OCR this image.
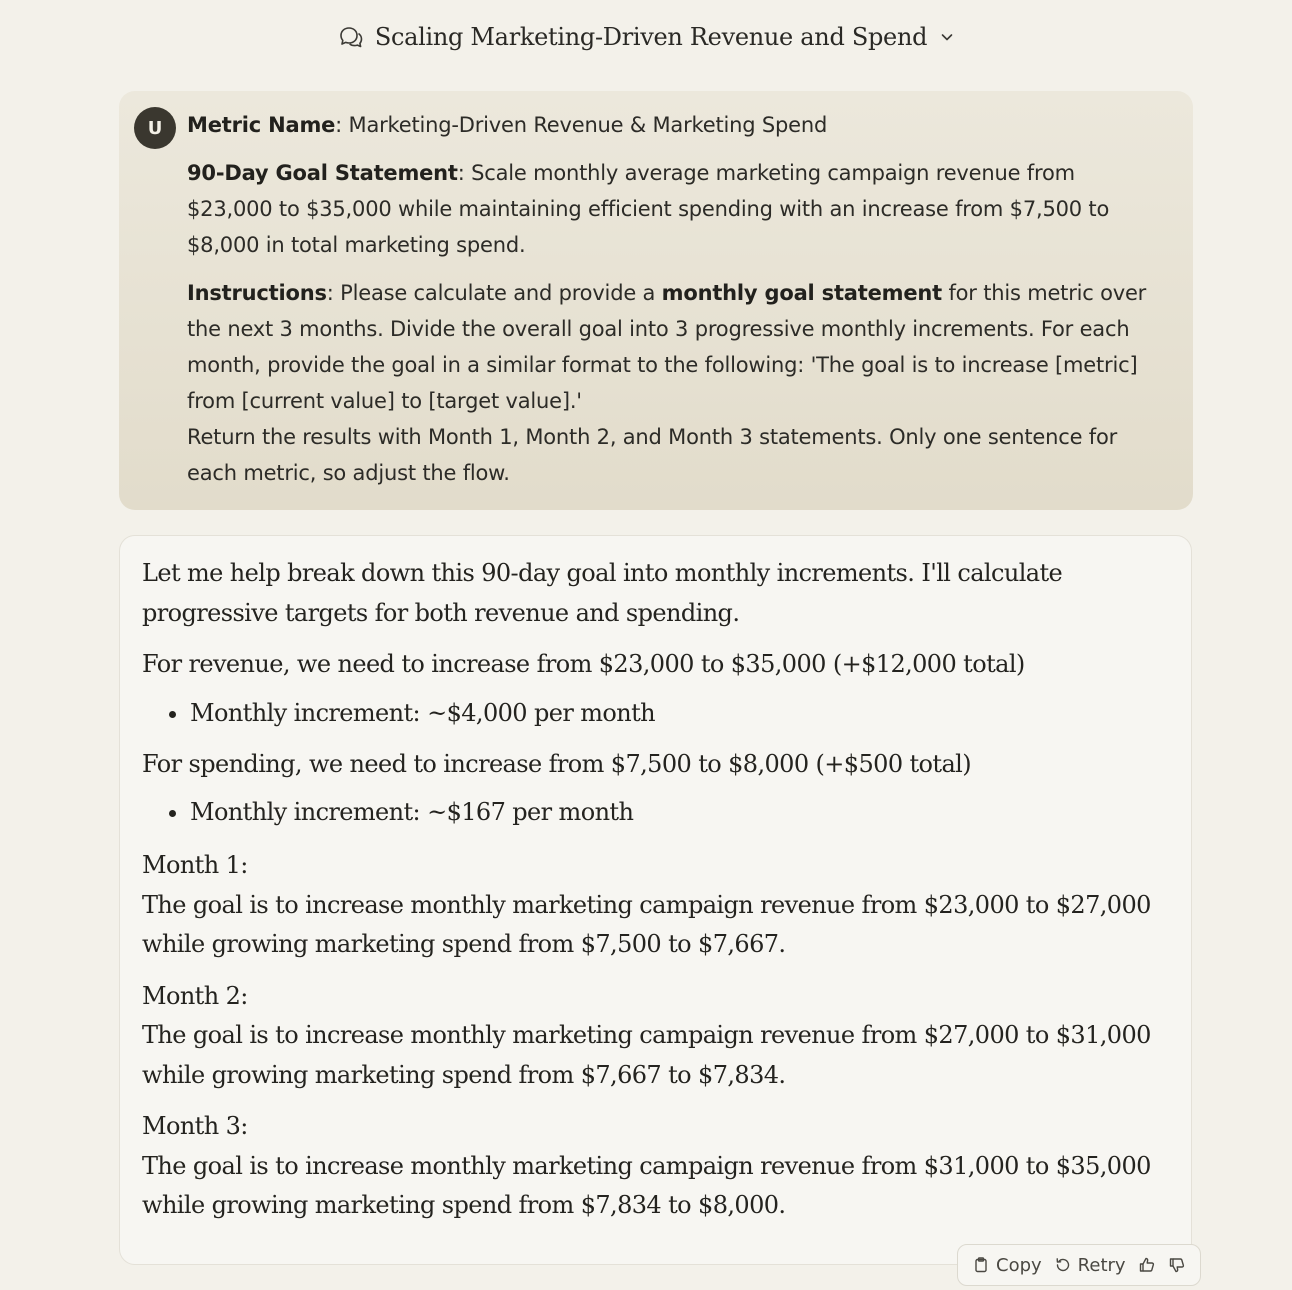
Scaling Marketing-Driven Revenue and Spend
U	Metric Name: Marketing-Driven Revenue & Marketing Spend

90-Day Goal Statement: Scale monthly average marketing campaign revenue from $23,000 to $35,000 while maintaining efficient spending with an increase from $7,500 to $8,000 in total marketing spend.

Instructions: Please calculate and provide a monthly goal statement for this metric over the next 3 months. Divide the overall goal into 3 progressive monthly increments. For each month, provide the goal in a similar format to the following: 'The goal is to increase [metric] from [current value] to [target value].'
Return the results with Month 1, Month 2, and Month 3 statements. Only one sentence for each metric, so adjust the flow.

Let me help break down this 90-day goal into monthly increments. I'll calculate progressive targets for both revenue and spending.

For revenue, we need to increase from $23,000 to $35,000 (+$12,000 total)

Monthly increment: ~$4,000 per month

For spending, we need to increase from $7,500 to $8,000 (+$500 total)

Monthly increment: ~$167 per month

Month 1:

The goal is to increase monthly marketing campaign revenue from $23,000 to $27,000

while growing marketing spend from $7,500 to $7,667.

Month 2:

The goal is to increase monthly marketing campaign revenue from $27,000 to $31,000

while growing marketing spend from $7,667 to $7,834.

Month 3:

The goal is to increase monthly marketing campaign revenue from $31,000 to $35,000

while growing marketing spend from $7,834 to $8,000.

Copy Retry
